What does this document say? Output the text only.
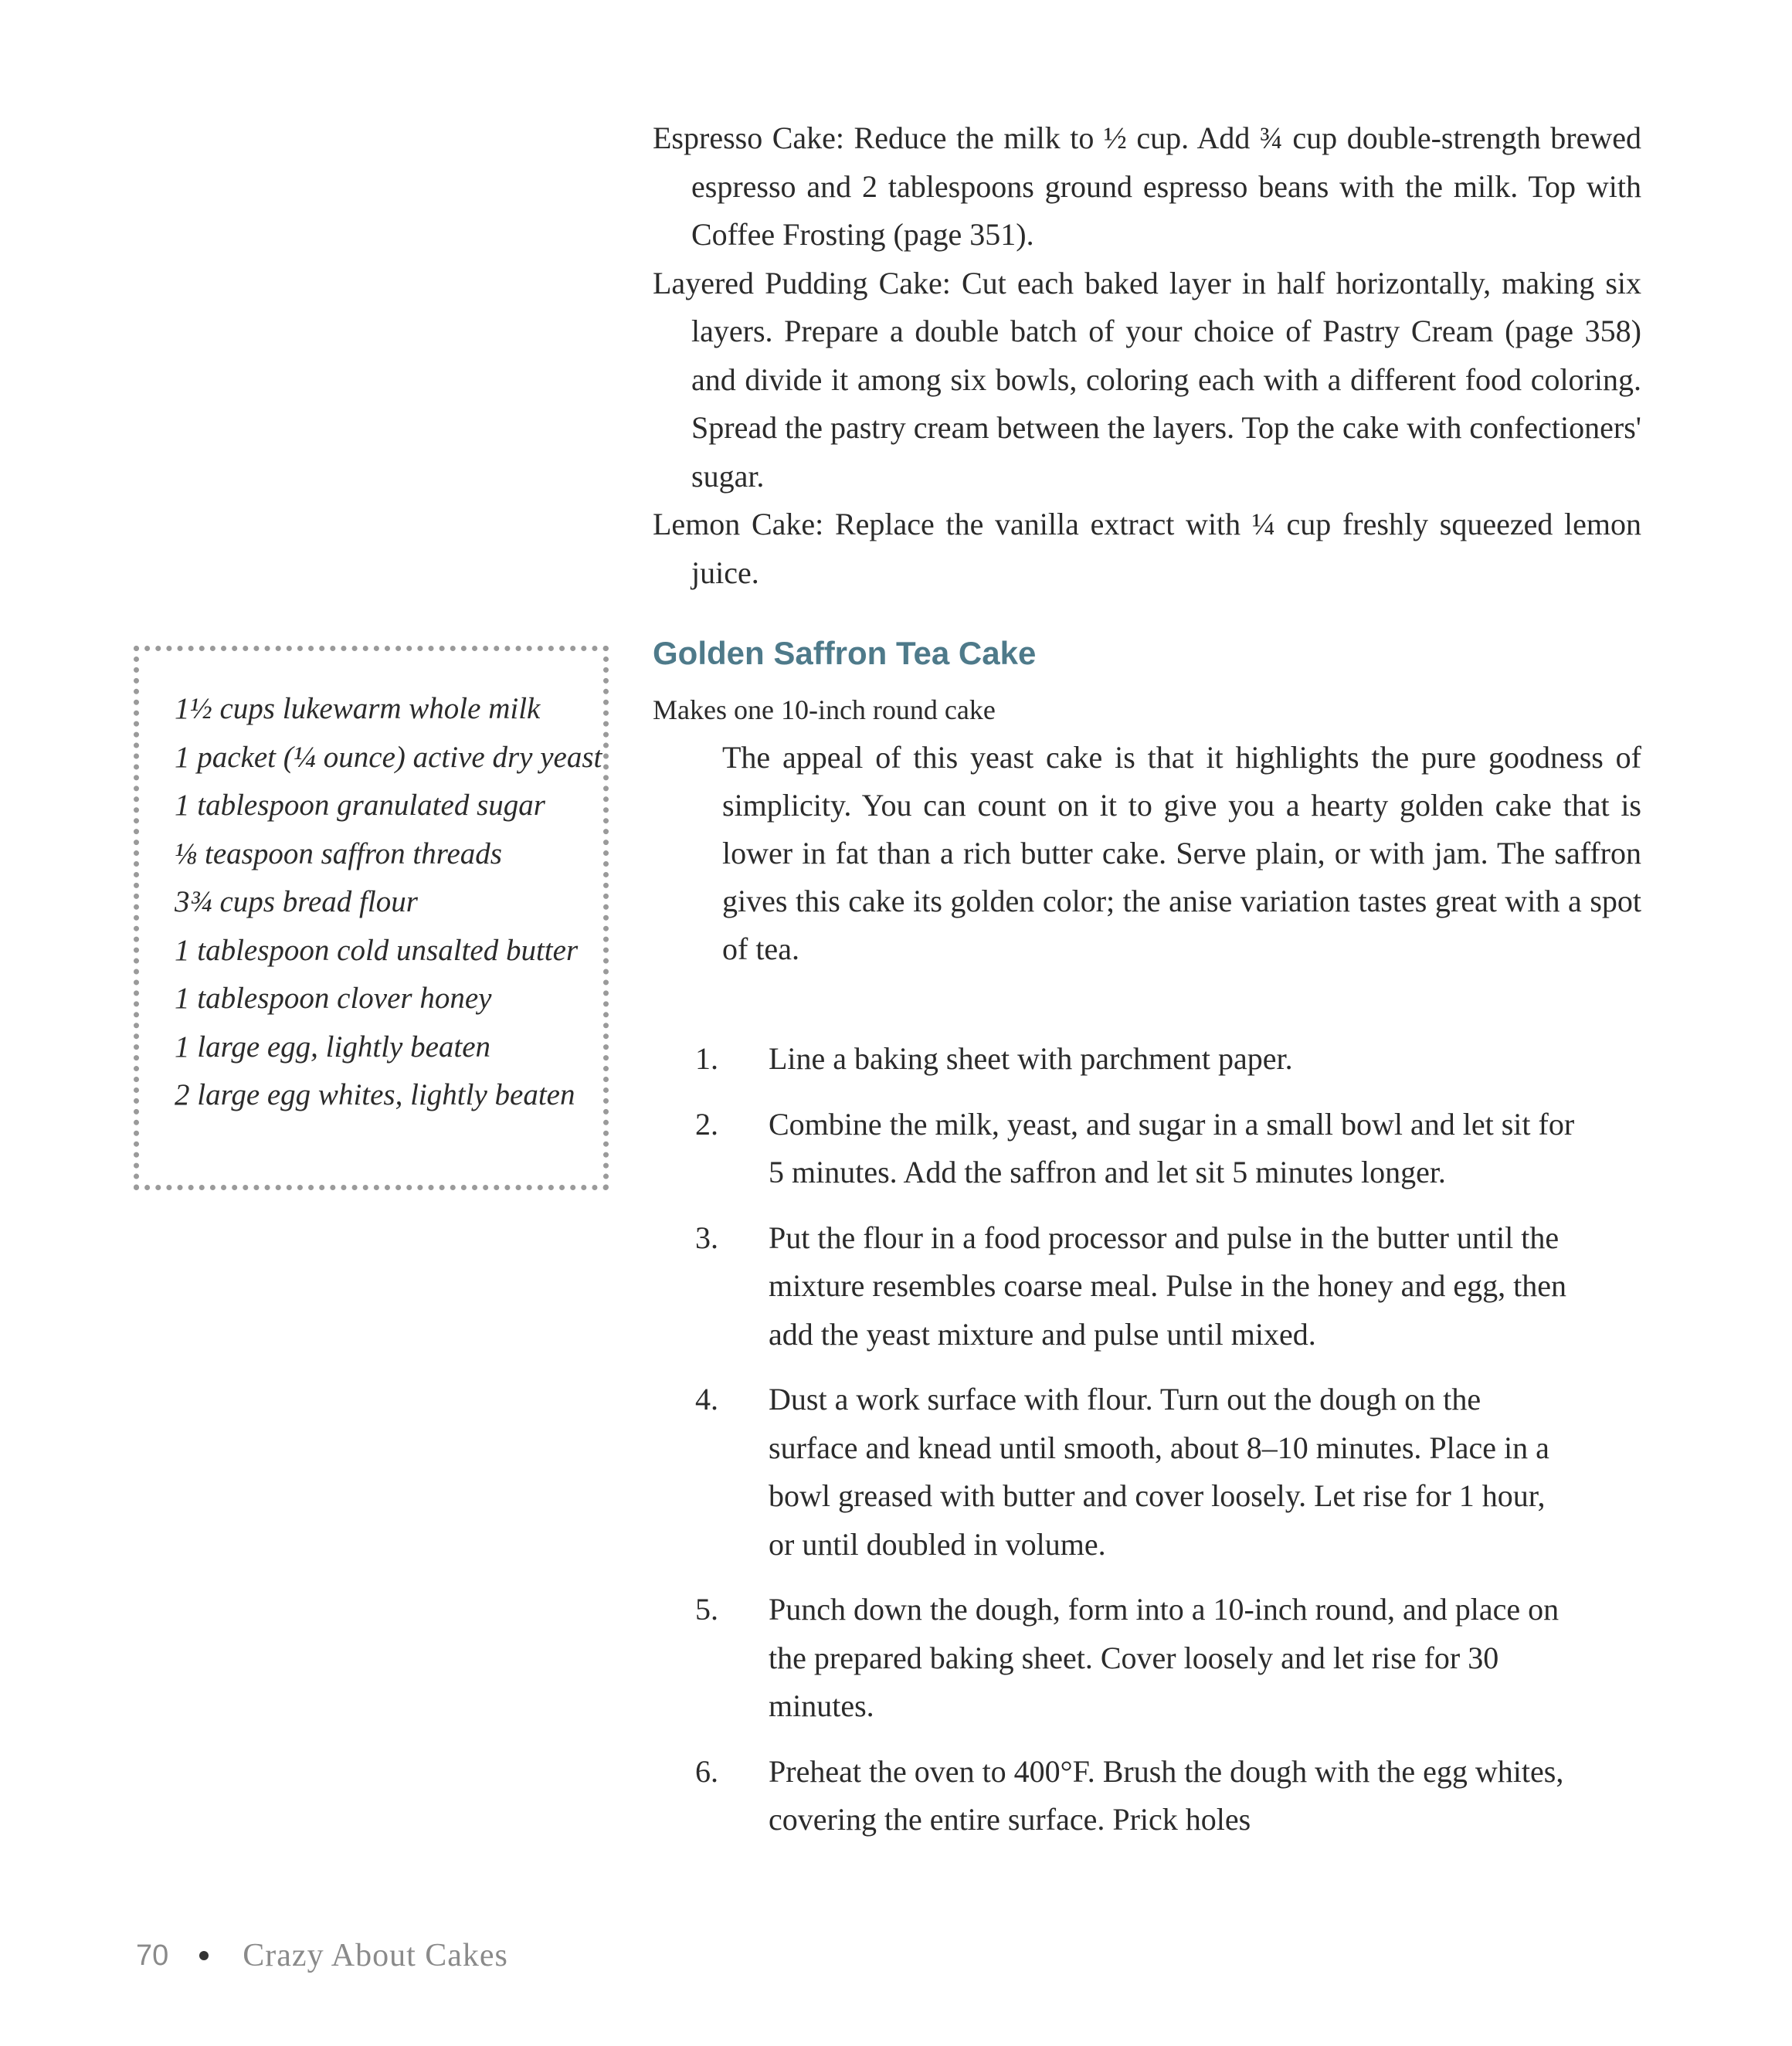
Espresso Cake: Reduce the milk to ½ cup. Add ¾ cup double-strength brewed espresso and 2 tablespoons ground espresso beans with the milk. Top with Coffee Frosting (page 351).

Layered Pudding Cake: Cut each baked layer in half horizontally, making six layers. Prepare a double batch of your choice of Pastry Cream (page 358) and divide it among six bowls, coloring each with a different food coloring. Spread the pastry cream between the layers. Top the cake with confectioners' sugar.

Lemon Cake: Replace the vanilla extract with ¼ cup freshly squeezed lemon juice.

1½ cups lukewarm whole milk
1 packet (¼ ounce) active dry yeast
1 tablespoon granulated sugar
⅛ teaspoon saffron threads
3¾ cups bread flour
1 tablespoon cold unsalted butter
1 tablespoon clover honey
1 large egg, lightly beaten
2 large egg whites, lightly beaten
Golden Saffron Tea Cake

Makes one 10-inch round cake

The appeal of this yeast cake is that it highlights the pure goodness of simplicity. You can count on it to give you a hearty golden cake that is lower in fat than a rich butter cake. Serve plain, or with jam. The saffron gives this cake its golden color; the anise variation tastes great with a spot of tea.

1.	Line a baking sheet with parchment paper.
2.	Combine the milk, yeast, and sugar in a small bowl and let sit for 5 minutes. Add the saffron and let sit 5 minutes longer.
3.	Put the flour in a food processor and pulse in the butter until the mixture resembles coarse meal. Pulse in the honey and egg, then add the yeast mixture and pulse until mixed.
4.	Dust a work surface with flour. Turn out the dough on the surface and knead until smooth, about 8–10 minutes. Place in a bowl greased with butter and cover loosely. Let rise for 1 hour, or until doubled in volume.
5.	Punch down the dough, form into a 10-inch round, and place on the prepared baking sheet. Cover loosely and let rise for 30 minutes.
6.	Preheat the oven to 400°F. Brush the dough with the egg whites, covering the entire surface. Prick holes
70 Crazy About Cakes
